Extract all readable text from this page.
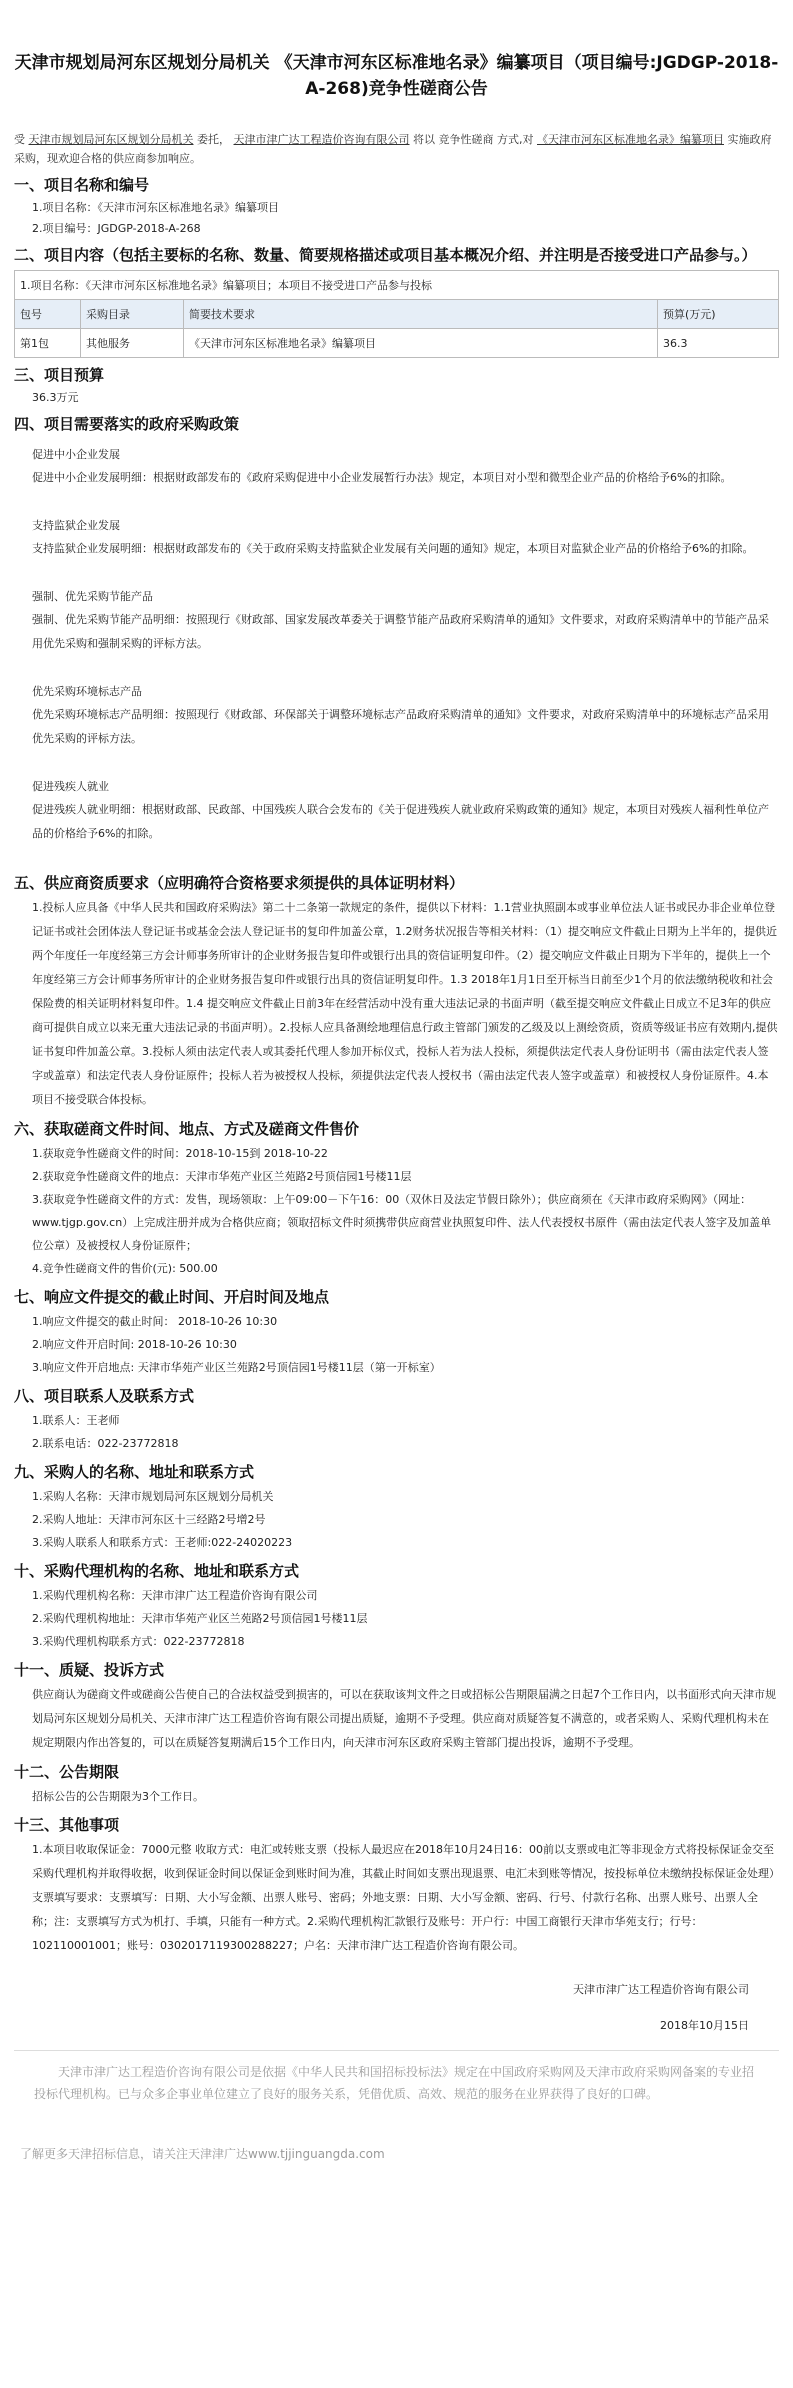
天津市规划局河东区规划分局机关 《天津市河东区标准地名录》编纂项目（项目编号:JGDGP-2018-A-268)竞争性磋商公告

受 天津市规划局河东区规划分局机关 委托， 天津市津广达工程造价咨询有限公司 将以 竞争性磋商 方式,对 《天津市河东区标准地名录》编纂项目 实施政府采购，现欢迎合格的供应商参加响应。

一、项目名称和编号
1.项目名称：《天津市河东区标准地名录》编纂项目
2.项目编号：JGDGP-2018-A-268
二、项目内容（包括主要标的名称、数量、简要规格描述或项目基本概况介绍、并注明是否接受进口产品参与。）
1.项目名称：《天津市河东区标准地名录》编纂项目；本项目不接受进口产品参与投标			
包号	采购目录	简要技术要求	预算(万元)
第1包	其他服务	《天津市河东区标准地名录》编纂项目	36.3
三、项目预算
36.3万元
四、项目需要落实的政府采购政策
促进中小企业发展
促进中小企业发展明细：根据财政部发布的《政府采购促进中小企业发展暂行办法》规定，本项目对小型和微型企业产品的价格给予6%的扣除。
支持监狱企业发展
支持监狱企业发展明细：根据财政部发布的《关于政府采购支持监狱企业发展有关问题的通知》规定，本项目对监狱企业产品的价格给予6%的扣除。
强制、优先采购节能产品
强制、优先采购节能产品明细：按照现行《财政部、国家发展改革委关于调整节能产品政府采购清单的通知》文件要求，对政府采购清单中的节能产品采用优先采购和强制采购的评标方法。
优先采购环境标志产品
优先采购环境标志产品明细：按照现行《财政部、环保部关于调整环境标志产品政府采购清单的通知》文件要求，对政府采购清单中的环境标志产品采用优先采购的评标方法。
促进残疾人就业
促进残疾人就业明细：根据财政部、民政部、中国残疾人联合会发布的《关于促进残疾人就业政府采购政策的通知》规定，本项目对残疾人福利性单位产品的价格给予6%的扣除。
五、供应商资质要求（应明确符合资格要求须提供的具体证明材料）
1.投标人应具备《中华人民共和国政府采购法》第二十二条第一款规定的条件，提供以下材料：1.1营业执照副本或事业单位法人证书或民办非企业单位登记证书或社会团体法人登记证书或基金会法人登记证书的复印件加盖公章，1.2财务状况报告等相关材料：（1）提交响应文件截止日期为上半年的，提供近两个年度任一年度经第三方会计师事务所审计的企业财务报告复印件或银行出具的资信证明复印件。（2）提交响应文件截止日期为下半年的，提供上一个年度经第三方会计师事务所审计的企业财务报告复印件或银行出具的资信证明复印件。1.3 2018年1月1日至开标当日前至少1个月的依法缴纳税收和社会保险费的相关证明材料复印件。1.4 提交响应文件截止日前3年在经营活动中没有重大违法记录的书面声明（截至提交响应文件截止日成立不足3年的供应商可提供自成立以来无重大违法记录的书面声明）。2.投标人应具备测绘地理信息行政主管部门颁发的乙级及以上测绘资质，资质等级证书应有效期内,提供证书复印件加盖公章。3.投标人须由法定代表人或其委托代理人参加开标仪式，投标人若为法人投标，须提供法定代表人身份证明书（需由法定代表人签字或盖章）和法定代表人身份证原件；投标人若为被授权人投标，须提供法定代表人授权书（需由法定代表人签字或盖章）和被授权人身份证原件。4.本项目不接受联合体投标。
六、获取磋商文件时间、地点、方式及磋商文件售价
1.获取竞争性磋商文件的时间：2018-10-15到 2018-10-22
2.获取竞争性磋商文件的地点：天津市华苑产业区兰苑路2号顶信园1号楼11层
3.获取竞争性磋商文件的方式：发售，现场领取：上午09:00－下午16：00（双休日及法定节假日除外）；供应商须在《天津市政府采购网》（网址：www.tjgp.gov.cn）上完成注册并成为合格供应商；领取招标文件时须携带供应商营业执照复印件、法人代表授权书原件（需由法定代表人签字及加盖单位公章）及被授权人身份证原件；
4.竞争性磋商文件的售价(元): 500.00
七、响应文件提交的截止时间、开启时间及地点
1.响应文件提交的截止时间： 2018-10-26 10:30
2.响应文件开启时间: 2018-10-26 10:30
3.响应文件开启地点: 天津市华苑产业区兰苑路2号顶信园1号楼11层（第一开标室）
八、项目联系人及联系方式
1.联系人：王老师
2.联系电话：022-23772818
九、采购人的名称、地址和联系方式
1.采购人名称：天津市规划局河东区规划分局机关
2.采购人地址：天津市河东区十三经路2号增2号
3.采购人联系人和联系方式：王老师:022-24020223
十、采购代理机构的名称、地址和联系方式
1.采购代理机构名称：天津市津广达工程造价咨询有限公司
2.采购代理机构地址：天津市华苑产业区兰苑路2号顶信园1号楼11层
3.采购代理机构联系方式：022-23772818
十一、质疑、投诉方式
供应商认为磋商文件或磋商公告使自己的合法权益受到损害的，可以在获取该判文件之日或招标公告期限届满之日起7个工作日内，以书面形式向天津市规划局河东区规划分局机关、天津市津广达工程造价咨询有限公司提出质疑，逾期不予受理。供应商对质疑答复不满意的，或者采购人、采购代理机构未在规定期限内作出答复的，可以在质疑答复期满后15个工作日内，向天津市河东区政府采购主管部门提出投诉，逾期不予受理。
十二、公告期限
招标公告的公告期限为3个工作日。
十三、其他事项
1.本项目收取保证金：7000元整 收取方式：电汇或转账支票（投标人最迟应在2018年10月24日16：00前以支票或电汇等非现金方式将投标保证金交至采购代理机构并取得收据，收到保证金时间以保证金到账时间为准，其截止时间如支票出现退票、电汇未到账等情况，按投标单位未缴纳投标保证金处理）支票填写要求：支票填写：日期、大小写金额、出票人账号、密码；外地支票：日期、大小写金额、密码、行号、付款行名称、出票人账号、出票人全称；注：支票填写方式为机打、手填，只能有一种方式。2.采购代理机构汇款银行及账号：开户行：中国工商银行天津市华苑支行；行号：102110001001；账号：0302017119300288227；户名：天津市津广达工程造价咨询有限公司。

天津市津广达工程造价咨询有限公司

2018年10月15日

天津市津广达工程造价咨询有限公司是依据《中华人民共和国招标投标法》规定在中国政府采购网及天津市政府采购网备案的专业招投标代理机构。已与众多企事业单位建立了良好的服务关系，凭借优质、高效、规范的服务在业界获得了良好的口碑。

了解更多天津招标信息，请关注天津津广达www.tjjinguangda.com
